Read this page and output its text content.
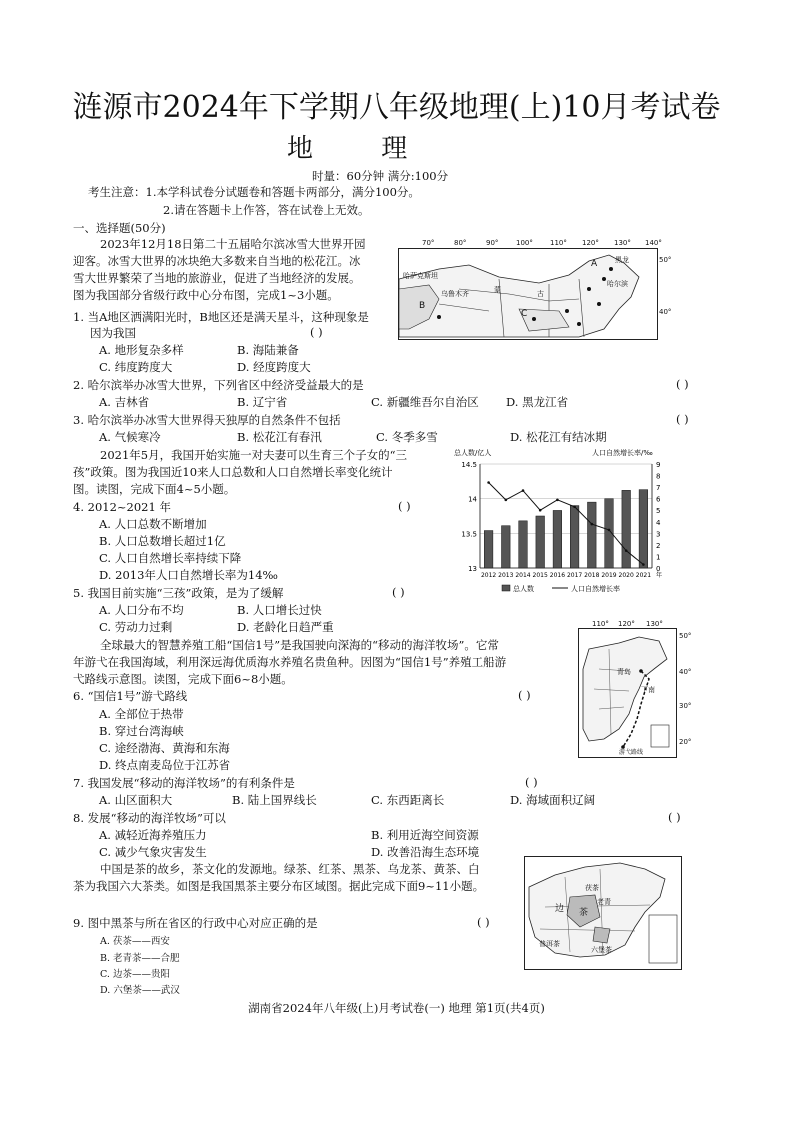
涟源市2024年下学期八年级地理(上)10月考试卷
地 理
时量：60分钟 满分:100分
考生注意：1.本学科试卷分试题卷和答题卡两部分，满分100分。
2.请在答题卡上作答，答在试卷上无效。
一、选择题(50分)
2023年12月18日第二十五届哈尔滨冰雪大世界开园
迎客。冰雪大世界的冰块绝大多数来自当地的松花江。冰
雪大世界繁荣了当地的旅游业，促进了当地经济的发展。
图为我国部分省级行政中心分布图，完成1~3小题。
哈萨克斯坦
蒙	古
乌鲁木齐
哈尔滨
黑龙
A
B
C
70°	80°	90°	100° 110° 120° 130° 140°
50°
40°
1. 当A地区洒满阳光时，B地区还是满天星斗，这种现象是
因为我国	( )
A. 地形复杂多样	B. 海陆兼备
C. 纬度跨度大	D. 经度跨度大
2. 哈尔滨举办冰雪大世界，下列省区中经济受益最大的是	( )
A. 吉林省	B. 辽宁省	C. 新疆维吾尔自治区 D. 黑龙江省
3. 哈尔滨举办冰雪大世界得天独厚的自然条件不包括	( )
A. 气候寒冷	B. 松花江有春汛	C. 冬季多雪	D. 松花江有结冰期
2021年5月，我国开始实施一对夫妻可以生育三个子女的“三
孩”政策。图为我国近10来人口总数和人口自然增长率变化统计
图。读图，完成下面4~5小题。
总人数/亿人	人口自然增长率/‰
13
13.5
14
14.5
0
1
2
3
4
5
6
7
8
9
2012 2013 2014 2015 2016 2017 2018 2019 2020 2021 年
总人数	人口自然增长率
4. 2012~2021 年	( )
A. 人口总数不断增加
B. 人口总数增长超过1亿
C. 人口自然增长率持续下降
D. 2013年人口自然增长率为14‰
5. 我国目前实施“三孩”政策，是为了缓解	( )
A. 人口分布不均	B. 人口增长过快
C. 劳动力过剩	D. 老龄化日趋严重
全球最大的智慧养殖工船“国信1号”是我国驶向深海的“移动的海洋牧场”。它常
年游弋在我国海域，利用深远海优质海水养殖名贵鱼种。因图为“国信1号”养殖工船游
弋路线示意图。读图，完成下面6~8小题。	青岛
下南
游弋路线
110° 120° 130°
50°
40°
30°
20°
6. “国信1号”游弋路线	( )
A. 全部位于热带
B. 穿过台湾海峡
C. 途经渤海、黄海和东海
D. 终点南麦岛位于江苏省
7. 我国发展“移动的海洋牧场”的有利条件是	( )
A. 山区面积大	B. 陆上国界线长	C. 东西距离长	D. 海域面积辽阔
8. 发展“移动的海洋牧场”可以	( )
A. 减轻近海养殖压力	B. 利用近海空间资源
C. 减少气象灾害发生	D. 改善沿海生态环境
中国是茶的故乡，茶文化的发源地。绿茶、红茶、黑茶、乌龙茶、黄茶、白
茶为我国六大茶类。如图是我国黑茶主要分布区域图。据此完成下面9~11小题。
边 茶
普洱茶
六堡茶
老青
茯茶
9. 图中黑茶与所在省区的行政中心对应正确的是	( )
A. 茯茶——西安
B. 老青茶——合肥
C. 边茶——贵阳
D. 六堡茶——武汉
湖南省2024年八年级(上)月考试卷(一) 地理 第1页(共4页)
